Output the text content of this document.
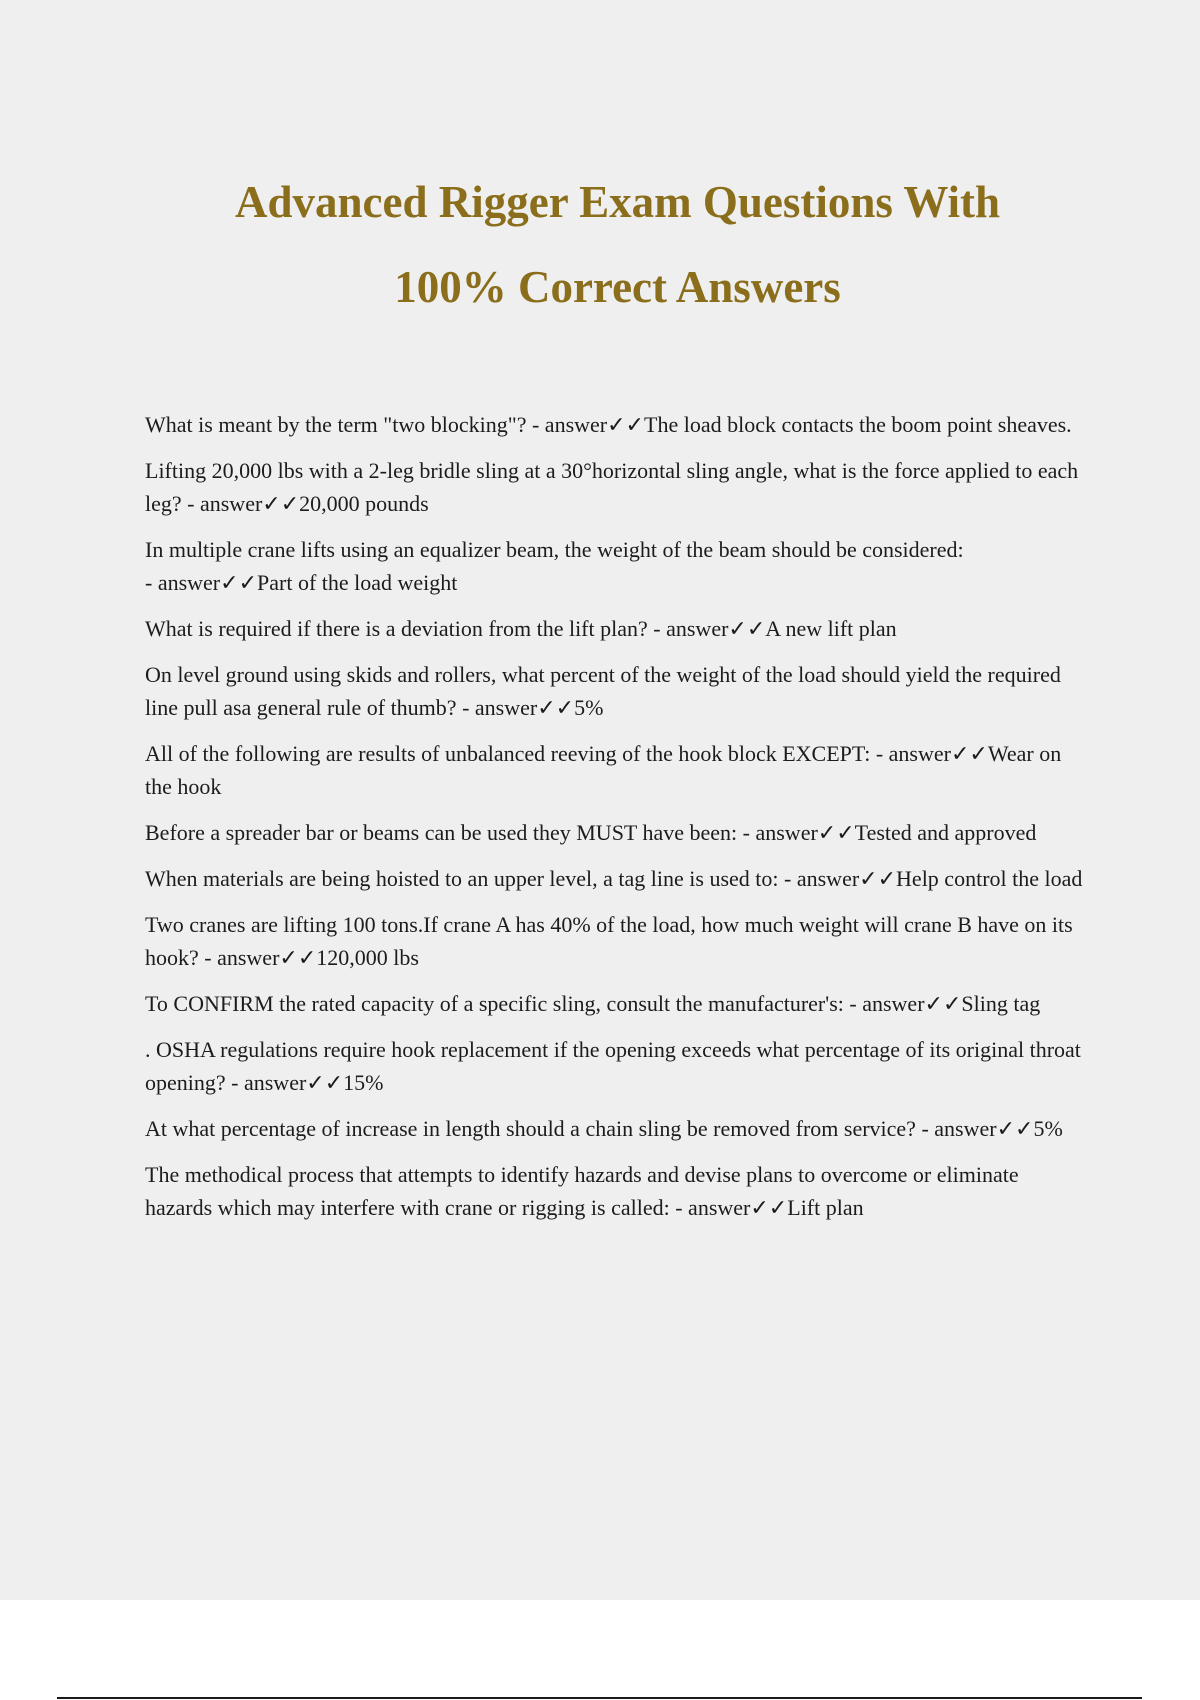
Advanced Rigger Exam Questions With
100% Correct Answers
What is meant by the term "two blocking"? - answer✓✓The load block contacts the boom point sheaves.
Lifting 20,000 lbs with a 2-leg bridle sling at a 30°horizontal sling angle, what is the force applied to each leg? - answer✓✓20,000 pounds
In multiple crane lifts using an equalizer beam, the weight of the beam should be considered: - answer✓✓Part of the load weight
What is required if there is a deviation from the lift plan? - answer✓✓A new lift plan
On level ground using skids and rollers, what percent of the weight of the load should yield the required line pull asa general rule of thumb? - answer✓✓5%
All of the following are results of unbalanced reeving of the hook block EXCEPT: - answer✓✓Wear on the hook
Before a spreader bar or beams can be used they MUST have been: - answer✓✓Tested and approved
When materials are being hoisted to an upper level, a tag line is used to: - answer✓✓Help control the load
Two cranes are lifting 100 tons.If crane A has 40% of the load, how much weight will crane B have on its hook? - answer✓✓120,000 lbs
To CONFIRM the rated capacity of a specific sling, consult the manufacturer's: - answer✓✓Sling tag
. OSHA regulations require hook replacement if the opening exceeds what percentage of its original throat opening? - answer✓✓15%
At what percentage of increase in length should a chain sling be removed from service? - answer✓✓5%
The methodical process that attempts to identify hazards and devise plans to overcome or eliminate hazards which may interfere with crane or rigging is called: - answer✓✓Lift plan
